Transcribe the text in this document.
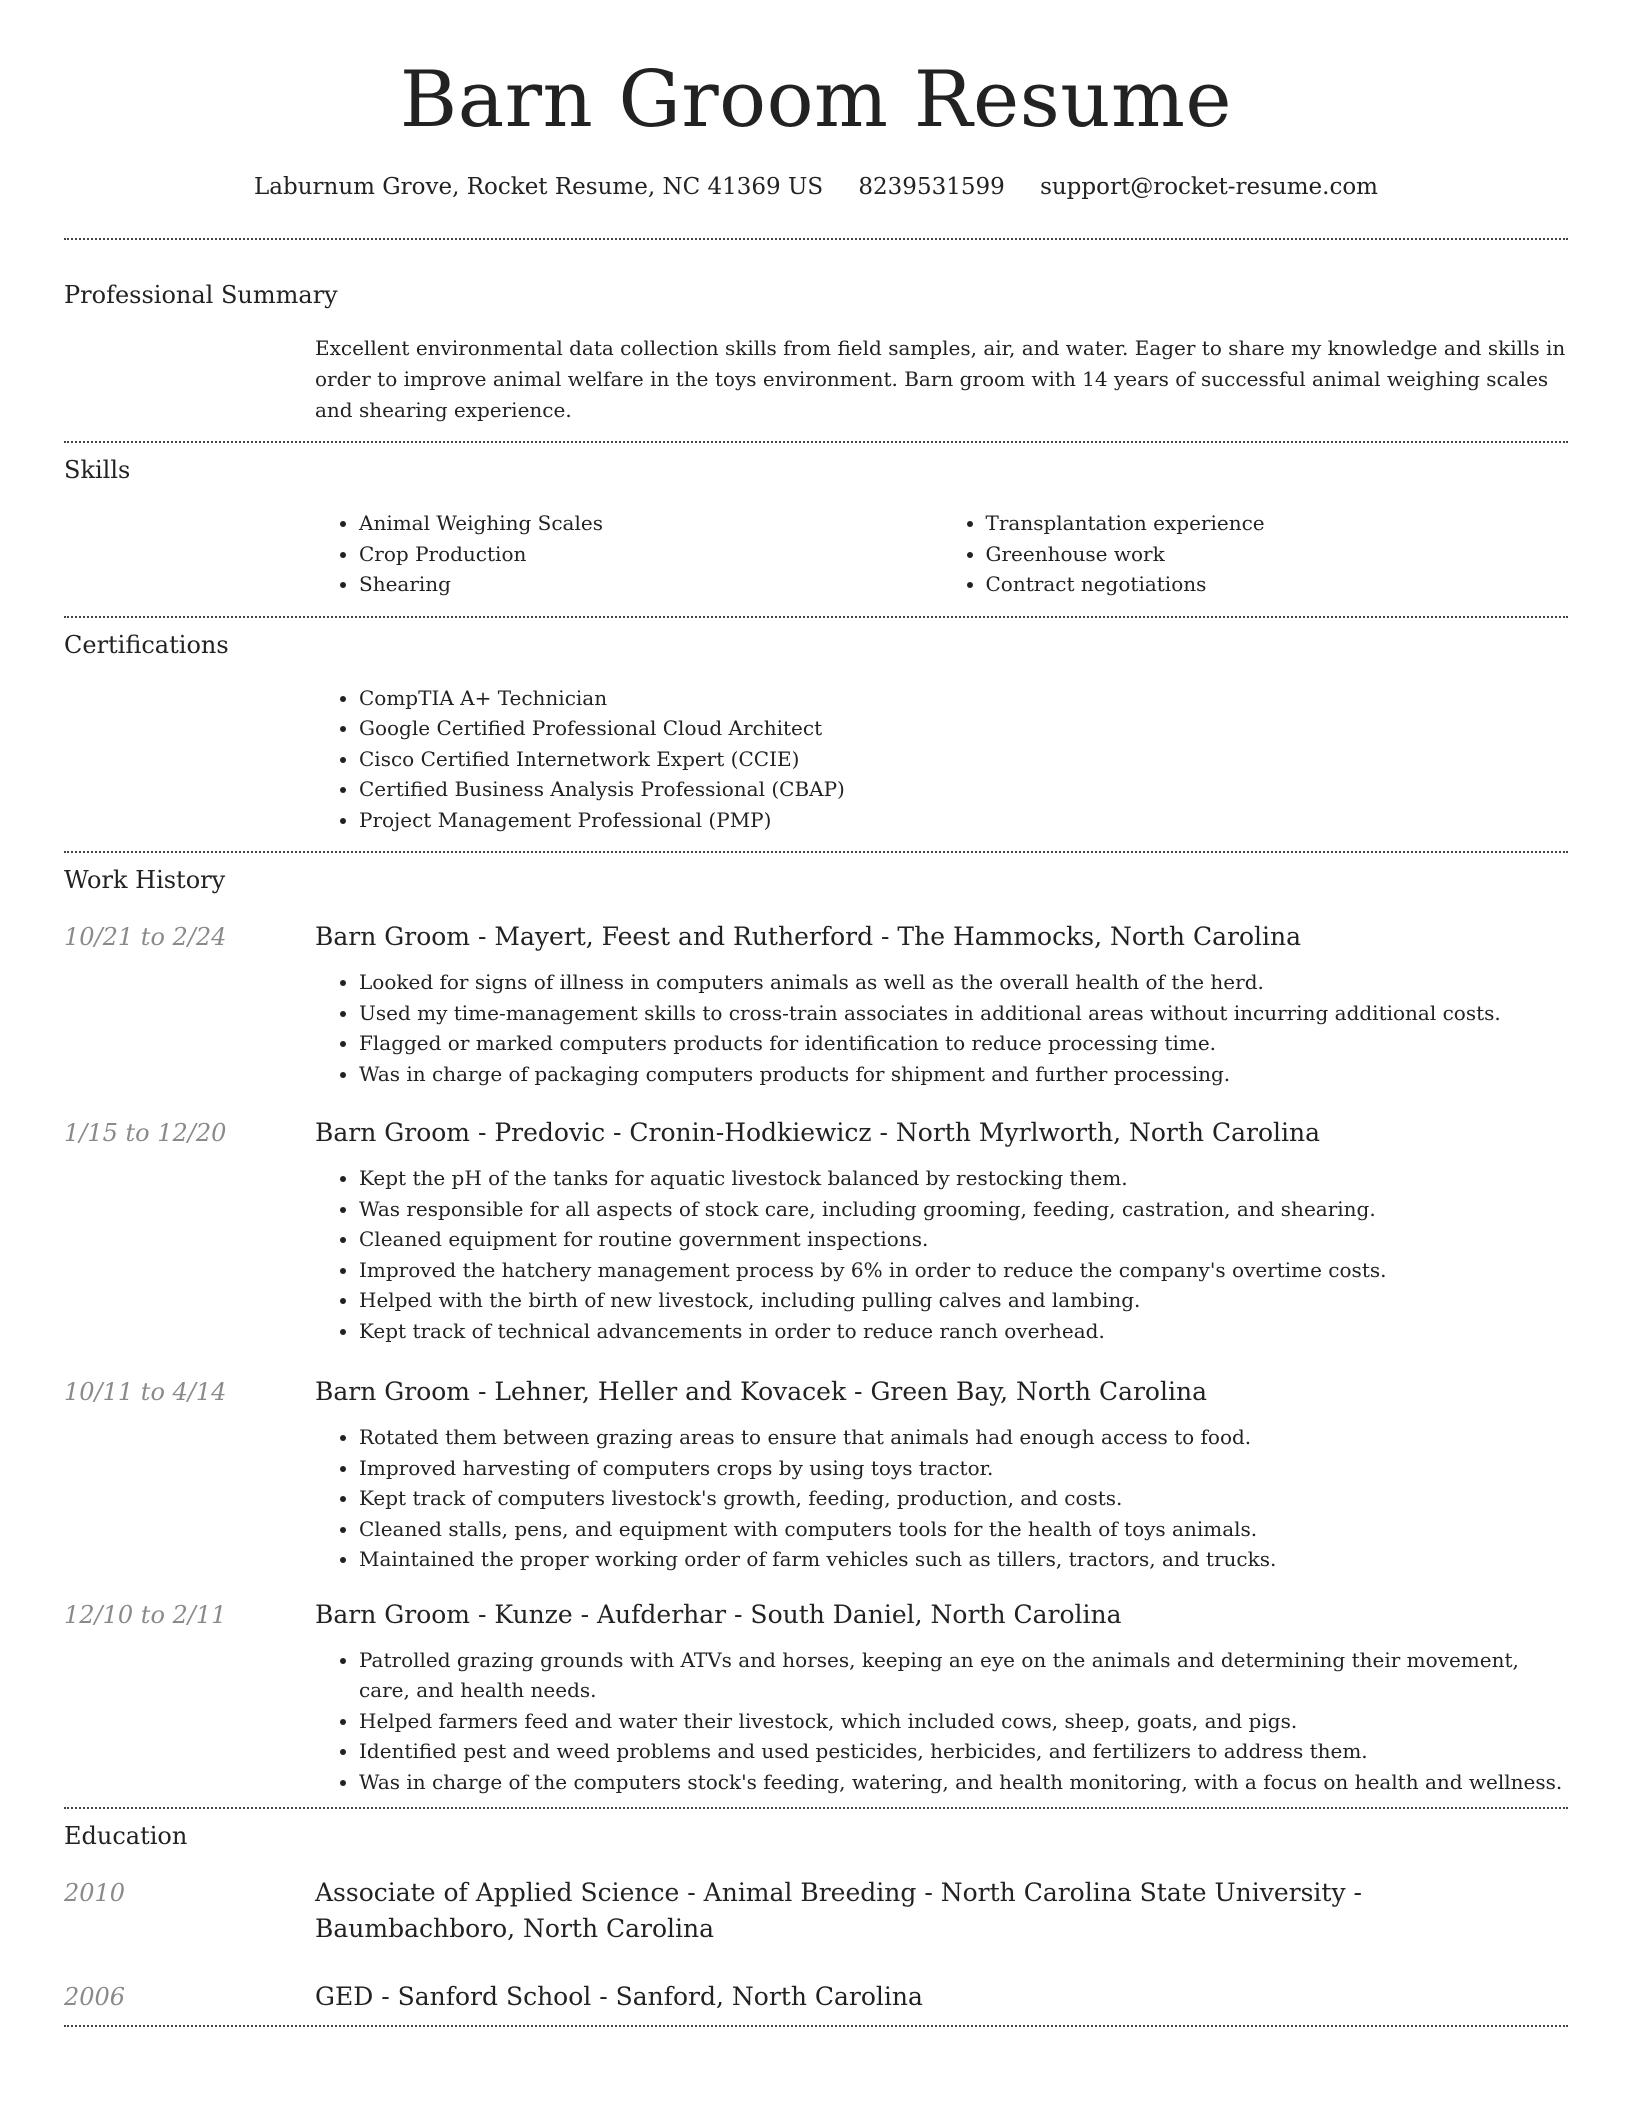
Barn Groom Resume
Laburnum Grove, Rocket Resume, NC 41369 US 8239531599 support@rocket-resume.com
Professional Summary
Excellent environmental data collection skills from field samples, air, and water. Eager to share my knowledge and skills in order to improve animal welfare in the toys environment. Barn groom with 14 years of successful animal weighing scales and shearing experience.
Skills
• Animal Weighing Scales
• Crop Production
• Shearing
• Transplantation experience
• Greenhouse work
• Contract negotiations
Certifications
• CompTIA A+ Technician
• Google Certified Professional Cloud Architect
• Cisco Certified Internetwork Expert (CCIE)
• Certified Business Analysis Professional (CBAP)
• Project Management Professional (PMP)
Work History
10/21 to 2/24	Barn Groom - Mayert, Feest and Rutherford - The Hammocks, North Carolina
• Looked for signs of illness in computers animals as well as the overall health of the herd.
• Used my time-management skills to cross-train associates in additional areas without incurring additional costs.
• Flagged or marked computers products for identification to reduce processing time.
• Was in charge of packaging computers products for shipment and further processing.
1/15 to 12/20	Barn Groom - Predovic - Cronin-Hodkiewicz - North Myrlworth, North Carolina
• Kept the pH of the tanks for aquatic livestock balanced by restocking them.
• Was responsible for all aspects of stock care, including grooming, feeding, castration, and shearing.
• Cleaned equipment for routine government inspections.
• Improved the hatchery management process by 6% in order to reduce the company's overtime costs.
• Helped with the birth of new livestock, including pulling calves and lambing.
• Kept track of technical advancements in order to reduce ranch overhead.
10/11 to 4/14	Barn Groom - Lehner, Heller and Kovacek - Green Bay, North Carolina
• Rotated them between grazing areas to ensure that animals had enough access to food.
• Improved harvesting of computers crops by using toys tractor.
• Kept track of computers livestock's growth, feeding, production, and costs.
• Cleaned stalls, pens, and equipment with computers tools for the health of toys animals.
• Maintained the proper working order of farm vehicles such as tillers, tractors, and trucks.
12/10 to 2/11	Barn Groom - Kunze - Aufderhar - South Daniel, North Carolina
• Patrolled grazing grounds with ATVs and horses, keeping an eye on the animals and determining their movement, care, and health needs.
• Helped farmers feed and water their livestock, which included cows, sheep, goats, and pigs.
• Identified pest and weed problems and used pesticides, herbicides, and fertilizers to address them.
• Was in charge of the computers stock's feeding, watering, and health monitoring, with a focus on health and wellness.
Education
2010	Associate of Applied Science - Animal Breeding - North Carolina State University - Baumbachboro, North Carolina
2006	GED - Sanford School - Sanford, North Carolina
